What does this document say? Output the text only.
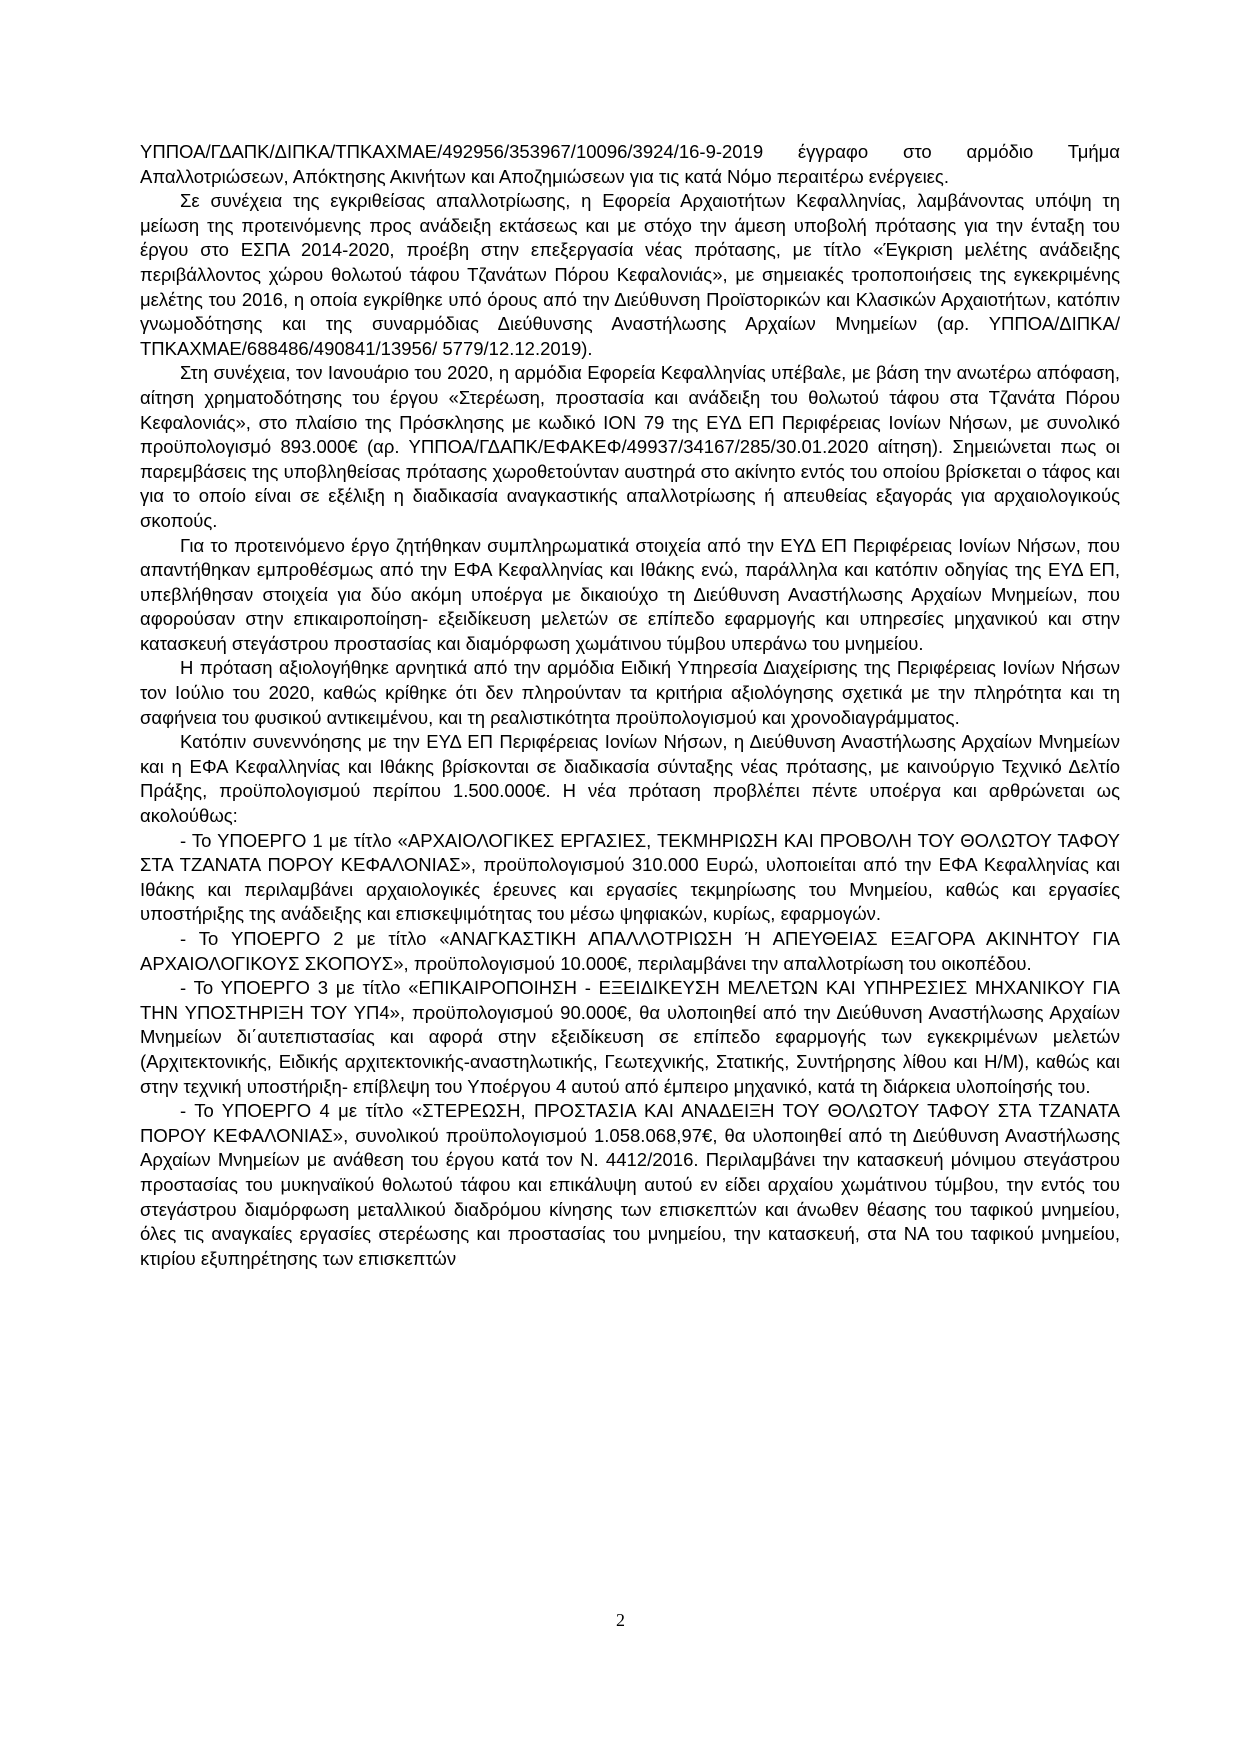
ΥΠΠΟΑ/ΓΔΑΠΚ/ΔΙΠΚΑ/ΤΠΚΑΧΜΑΕ/492956/353967/10096/3924/16-9-2019 έγγραφο στο αρμόδιο Τμήμα Απαλλοτριώσεων, Απόκτησης Ακινήτων και Αποζημιώσεων για τις κατά Νόμο περαιτέρω ενέργειες.

Σε συνέχεια της εγκριθείσας απαλλοτρίωσης, η Εφορεία Αρχαιοτήτων Κεφαλληνίας, λαμβάνοντας υπόψη τη μείωση της προτεινόμενης προς ανάδειξη εκτάσεως και με στόχο την άμεση υποβολή πρότασης για την ένταξη του έργου στο ΕΣΠΑ 2014-2020, προέβη στην επεξεργασία νέας πρότασης, με τίτλο «Έγκριση μελέτης ανάδειξης περιβάλλοντος χώρου θολωτού τάφου Τζανάτων Πόρου Κεφαλονιάς», με σημειακές τροποποιήσεις της εγκεκριμένης μελέτης του 2016, η οποία εγκρίθηκε υπό όρους από την Διεύθυνση Προϊστορικών και Κλασικών Αρχαιοτήτων, κατόπιν γνωμοδότησης και της συναρμόδιας Διεύθυνσης Αναστήλωσης Αρχαίων Μνημείων (αρ. ΥΠΠΟΑ/ΔΙΠΚΑ/ΤΠΚΑΧΜΑΕ/688486/490841/13956/ 5779/12.12.2019).

Στη συνέχεια, τον Ιανουάριο του 2020, η αρμόδια Εφορεία Κεφαλληνίας υπέβαλε, με βάση την ανωτέρω απόφαση, αίτηση χρηματοδότησης του έργου «Στερέωση, προστασία και ανάδειξη του θολωτού τάφου στα Τζανάτα Πόρου Κεφαλονιάς», στο πλαίσιο της Πρόσκλησης με κωδικό ΙΟΝ 79 της ΕΥΔ ΕΠ Περιφέρειας Ιονίων Νήσων, με συνολικό προϋπολογισμό 893.000€ (αρ. ΥΠΠΟΑ/ΓΔΑΠΚ/ΕΦΑΚΕΦ/49937/34167/285/30.01.2020 αίτηση). Σημειώνεται πως οι παρεμβάσεις της υποβληθείσας πρότασης χωροθετούνταν αυστηρά στο ακίνητο εντός του οποίου βρίσκεται ο τάφος και για το οποίο είναι σε εξέλιξη η διαδικασία αναγκαστικής απαλλοτρίωσης ή απευθείας εξαγοράς για αρχαιολογικούς σκοπούς.

Για το προτεινόμενο έργο ζητήθηκαν συμπληρωματικά στοιχεία από την ΕΥΔ ΕΠ Περιφέρειας Ιονίων Νήσων, που απαντήθηκαν εμπροθέσμως από την ΕΦΑ Κεφαλληνίας και Ιθάκης ενώ, παράλληλα και κατόπιν οδηγίας της ΕΥΔ ΕΠ, υπεβλήθησαν στοιχεία για δύο ακόμη υποέργα με δικαιούχο τη Διεύθυνση Αναστήλωσης Αρχαίων Μνημείων, που αφορούσαν στην επικαιροποίηση- εξειδίκευση μελετών σε επίπεδο εφαρμογής και υπηρεσίες μηχανικού και στην κατασκευή στεγάστρου προστασίας και διαμόρφωση χωμάτινου τύμβου υπεράνω του μνημείου.

Η πρόταση αξιολογήθηκε αρνητικά από την αρμόδια Ειδική Υπηρεσία Διαχείρισης της Περιφέρειας Ιονίων Νήσων τον Ιούλιο του 2020, καθώς κρίθηκε ότι δεν πληρούνταν τα κριτήρια αξιολόγησης σχετικά με την πληρότητα και τη σαφήνεια του φυσικού αντικειμένου, και τη ρεαλιστικότητα προϋπολογισμού και χρονοδιαγράμματος.

Κατόπιν συνεννόησης με την ΕΥΔ ΕΠ Περιφέρειας Ιονίων Νήσων, η Διεύθυνση Αναστήλωσης Αρχαίων Μνημείων και η ΕΦΑ Κεφαλληνίας και Ιθάκης βρίσκονται σε διαδικασία σύνταξης νέας πρότασης, με καινούργιο Τεχνικό Δελτίο Πράξης, προϋπολογισμού περίπου 1.500.000€. Η νέα πρόταση προβλέπει πέντε υποέργα και αρθρώνεται ως ακολούθως:

- Το ΥΠΟΕΡΓΟ 1 με τίτλο «ΑΡΧΑΙΟΛΟΓΙΚΕΣ ΕΡΓΑΣΙΕΣ, ΤΕΚΜΗΡΙΩΣΗ ΚΑΙ ΠΡΟΒΟΛΗ ΤΟΥ ΘΟΛΩΤΟΥ ΤΑΦΟΥ ΣΤΑ ΤΖΑΝΑΤΑ ΠΟΡΟΥ ΚΕΦΑΛΟΝΙΑΣ», προϋπολογισμού 310.000 Ευρώ, υλοποιείται από την ΕΦΑ Κεφαλληνίας και Ιθάκης και περιλαμβάνει αρχαιολογικές έρευνες και εργασίες τεκμηρίωσης του Μνημείου, καθώς και εργασίες υποστήριξης της ανάδειξης και επισκεψιμότητας του μέσω ψηφιακών, κυρίως, εφαρμογών.

- Το ΥΠΟΕΡΓΟ 2 με τίτλο «ΑΝΑΓΚΑΣΤΙΚΗ ΑΠΑΛΛΟΤΡΙΩΣΗ Ή ΑΠΕΥΘΕΙΑΣ ΕΞΑΓΟΡΑ ΑΚΙΝΗΤΟΥ ΓΙΑ ΑΡΧΑΙΟΛΟΓΙΚΟΥΣ ΣΚΟΠΟΥΣ», προϋπολογισμού 10.000€, περιλαμβάνει την απαλλοτρίωση του οικοπέδου.

- Το ΥΠΟΕΡΓΟ 3 με τίτλο «ΕΠΙΚΑΙΡΟΠΟΙΗΣΗ - ΕΞΕΙΔΙΚΕΥΣΗ ΜΕΛΕΤΩΝ ΚΑΙ ΥΠΗΡΕΣΙΕΣ ΜΗΧΑΝΙΚΟΥ ΓΙΑ ΤΗΝ ΥΠΟΣΤΗΡΙΞΗ ΤΟΥ ΥΠ4», προϋπολογισμού 90.000€, θα υλοποιηθεί από την Διεύθυνση Αναστήλωσης Αρχαίων Μνημείων δι΄αυτεπιστασίας και αφορά στην εξειδίκευση σε επίπεδο εφαρμογής των εγκεκριμένων μελετών (Αρχιτεκτονικής, Ειδικής αρχιτεκτονικής-αναστηλωτικής, Γεωτεχνικής, Στατικής, Συντήρησης λίθου και Η/Μ), καθώς και στην τεχνική υποστήριξη- επίβλεψη του Υποέργου 4 αυτού από έμπειρο μηχανικό, κατά τη διάρκεια υλοποίησής του.

- Το ΥΠΟΕΡΓΟ 4 με τίτλο «ΣΤΕΡΕΩΣΗ, ΠΡΟΣΤΑΣΙΑ ΚΑΙ ΑΝΑΔΕΙΞΗ ΤΟΥ ΘΟΛΩΤΟΥ ΤΑΦΟΥ ΣΤΑ ΤΖΑΝΑΤΑ ΠΟΡΟΥ ΚΕΦΑΛΟΝΙΑΣ», συνολικού προϋπολογισμού 1.058.068,97€, θα υλοποιηθεί από τη Διεύθυνση Αναστήλωσης Αρχαίων Μνημείων με ανάθεση του έργου κατά τον Ν. 4412/2016. Περιλαμβάνει την κατασκευή μόνιμου στεγάστρου προστασίας του μυκηναϊκού θολωτού τάφου και επικάλυψη αυτού εν είδει αρχαίου χωμάτινου τύμβου, την εντός του στεγάστρου διαμόρφωση μεταλλικού διαδρόμου κίνησης των επισκεπτών και άνωθεν θέασης του ταφικού μνημείου, όλες τις αναγκαίες εργασίες στερέωσης και προστασίας του μνημείου, την κατασκευή, στα ΝΑ του ταφικού μνημείου, κτιρίου εξυπηρέτησης των επισκεπτών

2
